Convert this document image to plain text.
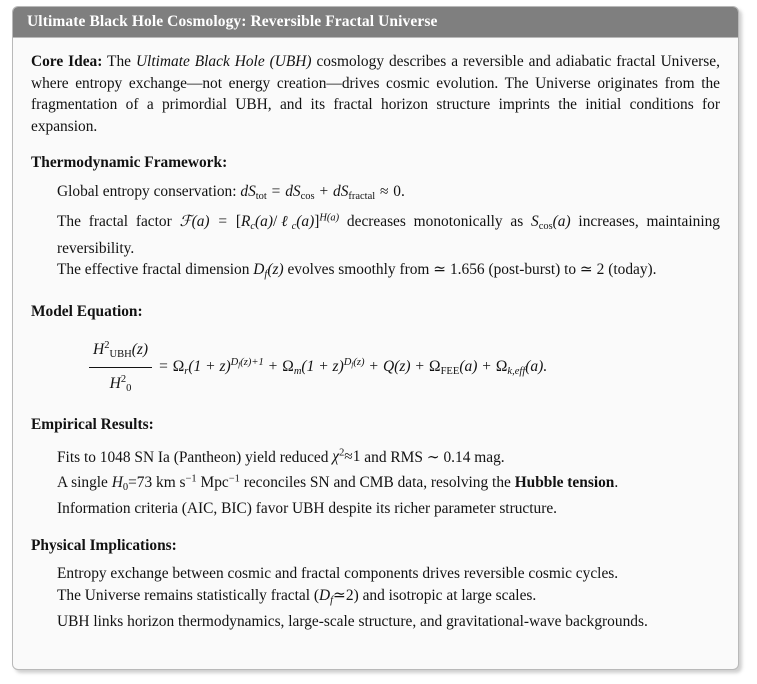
Ultimate Black Hole Cosmology: Reversible Fractal Universe

Core Idea: The Ultimate Black Hole (UBH) cosmology describes a reversible and adiabatic fractal Universe, where entropy exchange—not energy creation—drives cosmic evolution. The Universe originates from the fragmentation of a primordial UBH, and its fractal horizon structure imprints the initial conditions for expansion.

Thermodynamic Framework:

Global entropy conservation: $dS_{tot} = dS_{cos} + dS_{fractal} \approx 0$.

The fractal factor ℱ(a) = $[R_c(a)/\ell_c(a)]^{H(a)}$ decreases monotonically as $S_{cos}(a)$ increases, maintaining reversibility.

The effective fractal dimension $D_f(z)$ evolves smoothly from ≃ 1.656 (post-burst) to ≃ 2 (today).

Model Equation:

$\frac{H^2_{UBH}(z)}{H^2_0} = \Omega_r(1 + z)^{D_f(z)+1} + \Omega_m(1 + z)^{D_f(z)} + Q(z) + \Omega_{FEE}(a) + \Omega_{k,eff}(a)$.

Empirical Results:

Fits to 1048 SN Ia (Pantheon) yield reduced $\chi^2\approx 1$ and RMS ∼ 0.14 mag.

A single $H_0=73$ km $s^{-1}$ Mpc$^{-1}$ reconciles SN and CMB data, resolving the Hubble tension.

Information criteria (AIC, BIC) favor UBH despite its richer parameter structure.

Physical Implications:

Entropy exchange between cosmic and fractal components drives reversible cosmic cycles.

The Universe remains statistically fractal $(D_f≃2)$ and isotropic at large scales.

UBH links horizon thermodynamics, large-scale structure, and gravitational-wave backgrounds.
